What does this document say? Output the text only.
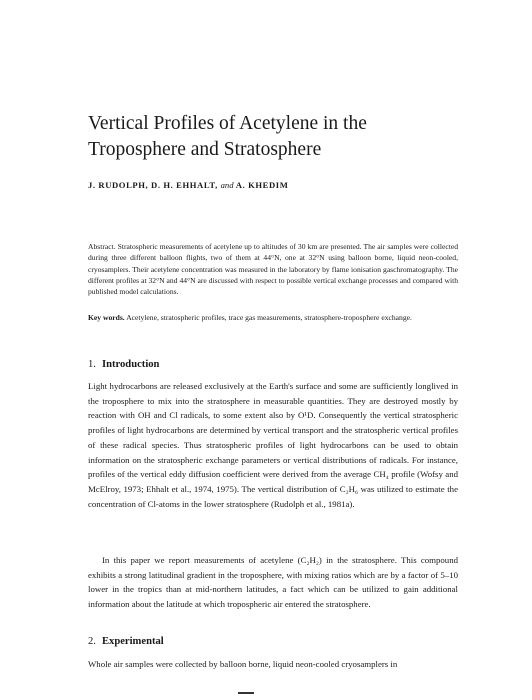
Vertical Profiles of Acetylene in the Troposphere and Stratosphere

J. RUDOLPH, D. H. EHHALT, and A. KHEDIM

Abstract. Stratospheric measurements of acetylene up to altitudes of 30 km are presented. The air samples were collected during three different balloon flights, two of them at 44°N, one at 32°N using balloon borne, liquid neon-cooled, cryosamplers. Their acetylene concentration was measured in the laboratory by flame ionisation gaschromatography. The different profiles at 32°N and 44°N are discussed with respect to possible vertical exchange processes and compared with published model calculations.

Key words. Acetylene, stratospheric profiles, trace gas measurements, stratosphere-troposphere exchange.

1. Introduction

Light hydrocarbons are released exclusively at the Earth's surface and some are sufficiently longlived in the troposphere to mix into the stratosphere in measurable quantities. They are destroyed mostly by reaction with OH and Cl radicals, to some extent also by O¹D. Consequently the vertical stratospheric profiles of light hydrocarbons are determined by vertical transport and the stratospheric vertical profiles of these radical species. Thus stratospheric profiles of light hydrocarbons can be used to obtain information on the stratospheric exchange parameters or vertical distributions of radicals. For instance, profiles of the vertical eddy diffusion coefficient were derived from the average CH₄ profile (Wofsy and McElroy, 1973; Ehhalt et al., 1974, 1975). The vertical distribution of C₂H₆ was utilized to estimate the concentration of Cl-atoms in the lower stratosphere (Rudolph et al., 1981a).

In this paper we report measurements of acetylene (C₂H₂) in the stratosphere. This compound exhibits a strong latitudinal gradient in the troposphere, with mixing ratios which are by a factor of 5–10 lower in the tropics than at mid-northern latitudes, a fact which can be utilized to gain additional information about the latitude at which tropospheric air entered the stratosphere.

2. Experimental

Whole air samples were collected by balloon borne, liquid neon-cooled cryosamplers in
